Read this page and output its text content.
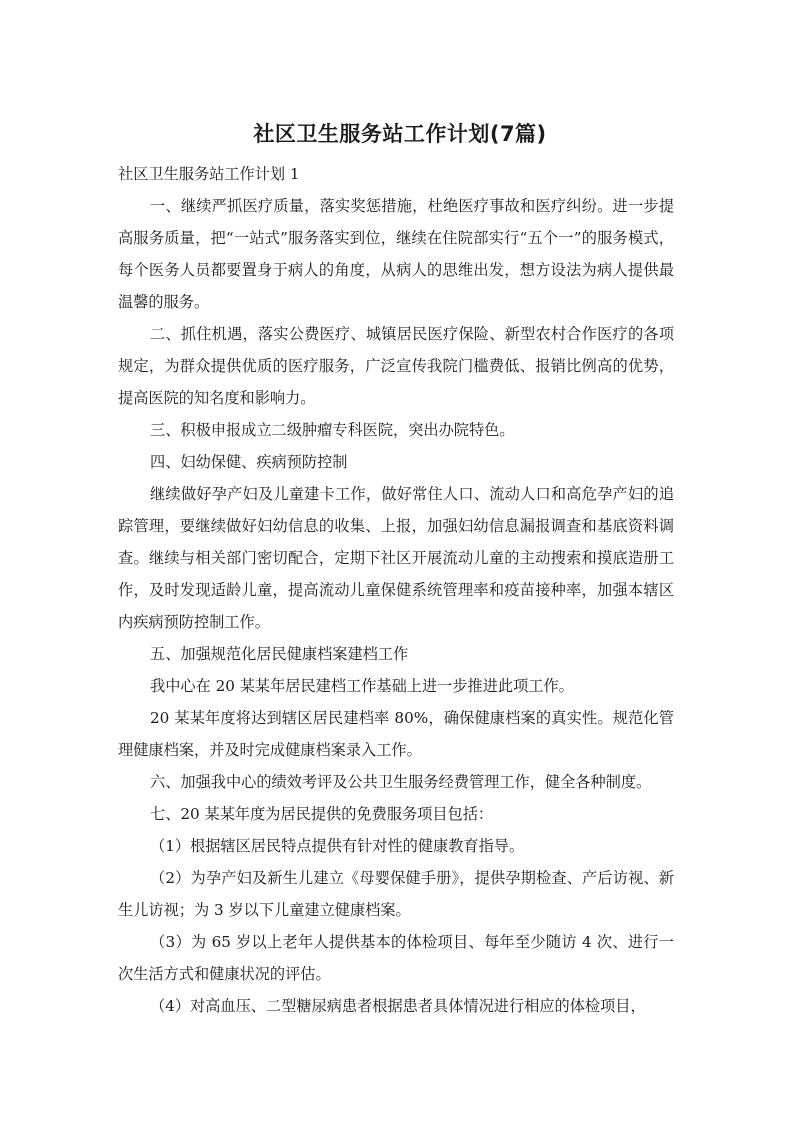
社区卫生服务站工作计划(7篇)

社区卫生服务站工作计划 1

一、继续严抓医疗质量，落实奖惩措施，杜绝医疗事故和医疗纠纷。进一步提高服务质量，把“一站式”服务落实到位，继续在住院部实行“五个一”的服务模式，每个医务人员都要置身于病人的角度，从病人的思维出发，想方设法为病人提供最温馨的服务。

二、抓住机遇，落实公费医疗、城镇居民医疗保险、新型农村合作医疗的各项规定，为群众提供优质的医疗服务，广泛宣传我院门槛费低、报销比例高的优势，提高医院的知名度和影响力。

三、积极申报成立二级肿瘤专科医院，突出办院特色。

四、妇幼保健、疾病预防控制

继续做好孕产妇及儿童建卡工作，做好常住人口、流动人口和高危孕产妇的追踪管理，要继续做好妇幼信息的收集、上报，加强妇幼信息漏报调查和基底资料调查。继续与相关部门密切配合，定期下社区开展流动儿童的主动搜索和摸底造册工作，及时发现适龄儿童，提高流动儿童保健系统管理率和疫苗接种率，加强本辖区内疾病预防控制工作。

五、加强规范化居民健康档案建档工作

我中心在 20 某某年居民建档工作基础上进一步推进此项工作。

20 某某年度将达到辖区居民建档率 80%，确保健康档案的真实性。规范化管理健康档案，并及时完成健康档案录入工作。

六、加强我中心的绩效考评及公共卫生服务经费管理工作，健全各种制度。

七、20 某某年度为居民提供的免费服务项目包括：

（1）根据辖区居民特点提供有针对性的健康教育指导。

（2）为孕产妇及新生儿建立《母婴保健手册》，提供孕期检查、产后访视、新生儿访视；为 3 岁以下儿童建立健康档案。

（3）为 65 岁以上老年人提供基本的体检项目、每年至少随访 4 次、进行一次生活方式和健康状况的评估。

（4）对高血压、二型糖尿病患者根据患者具体情况进行相应的体检项目，
